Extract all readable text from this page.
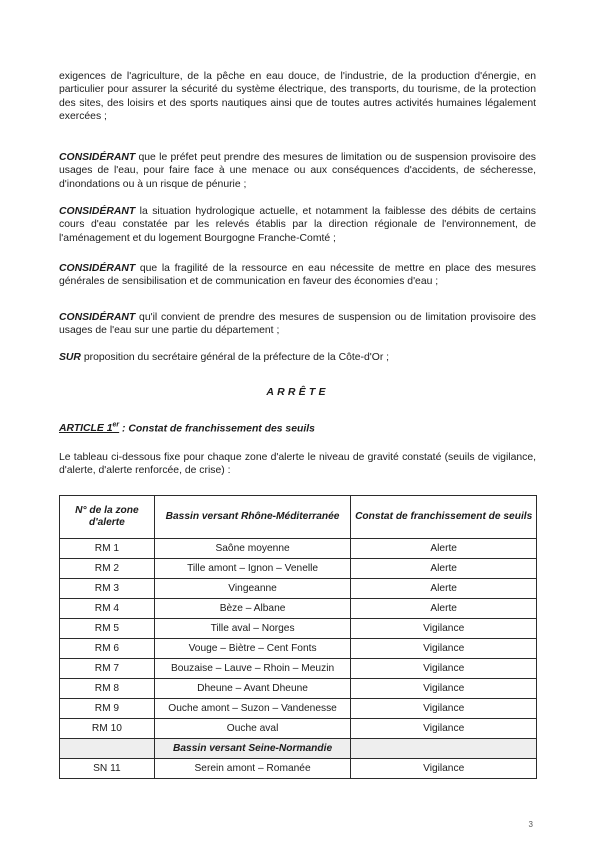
exigences de l'agriculture, de la pêche en eau douce, de l'industrie, de la production d'énergie, en particulier pour assurer la sécurité du système électrique, des transports, du tourisme, de la protection des sites, des loisirs et des sports nautiques ainsi que de toutes autres activités humaines légalement exercées ;

CONSIDÉRANT que le préfet peut prendre des mesures de limitation ou de suspension provisoire des usages de l'eau, pour faire face à une menace ou aux conséquences d'accidents, de sécheresse, d'inondations ou à un risque de pénurie ;

CONSIDÉRANT la situation hydrologique actuelle, et notamment la faiblesse des débits de certains cours d'eau constatée par les relevés établis par la direction régionale de l'environnement, de l'aménagement et du logement Bourgogne Franche-Comté ;

CONSIDÉRANT que la fragilité de la ressource en eau nécessite de mettre en place des mesures générales de sensibilisation et de communication en faveur des économies d'eau ;

CONSIDÉRANT qu'il convient de prendre des mesures de suspension ou de limitation provisoire des usages de l'eau sur une partie du département ;

SUR proposition du secrétaire général de la préfecture de la Côte-d'Or ;

ARRÊTE
ARTICLE 1er : Constat de franchissement des seuils

Le tableau ci-dessous fixe pour chaque zone d'alerte le niveau de gravité constaté (seuils de vigilance, d'alerte, d'alerte renforcée, de crise) :

N° de la zone d'alerte	Bassin versant Rhône-Méditerranée	Constat de franchissement de seuils
RM 1	Saône moyenne	Alerte
RM 2	Tille amont – Ignon – Venelle	Alerte
RM 3	Vingeanne	Alerte
RM 4	Bèze – Albane	Alerte
RM 5	Tille aval – Norges	Vigilance
RM 6	Vouge – Biètre – Cent Fonts	Vigilance
RM 7	Bouzaise – Lauve – Rhoin – Meuzin	Vigilance
RM 8	Dheune – Avant Dheune	Vigilance
RM 9	Ouche amont – Suzon – Vandenesse	Vigilance
RM 10	Ouche aval	Vigilance
	Bassin versant Seine-Normandie	
SN 11	Serein amont – Romanée	Vigilance
3
